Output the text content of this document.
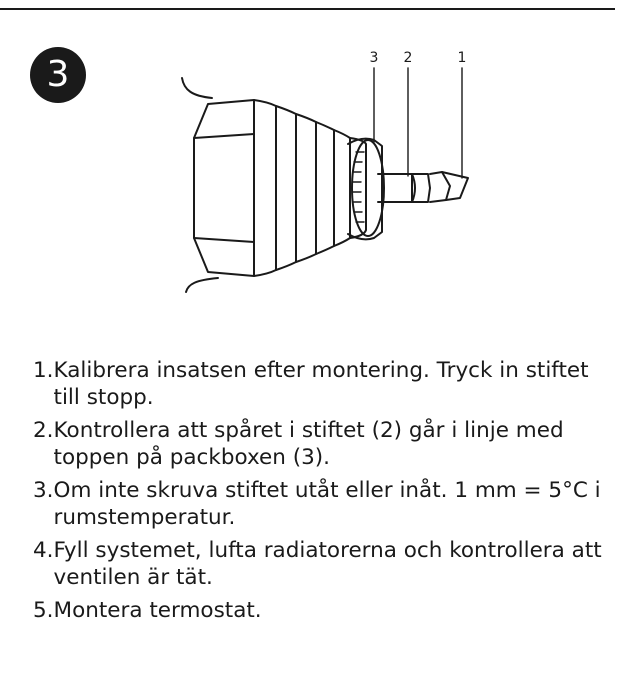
3	3 2	1
1. Kalibrera insatsen efter montering. Tryck in stiftet till stopp.
2. Kontrollera att spåret i stiftet (2) går i linje med toppen på packboxen (3).
3. Om inte skruva stiftet utåt eller inåt. 1 mm = 5°C i rumstemperatur.
4. Fyll systemet, lufta radiatorerna och kontrollera att ventilen är tät.
5. Montera termostat.
